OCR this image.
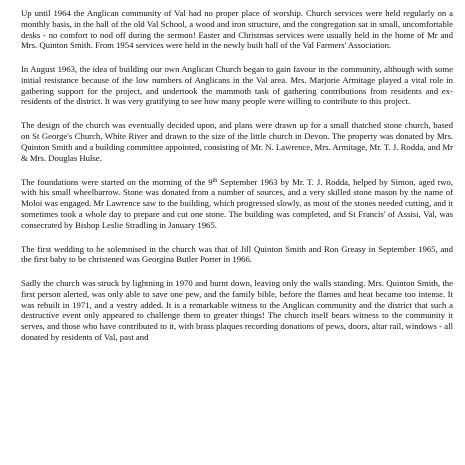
Up until 1964 the Anglican community of Val had no proper place of worship. Church services were held regularly on a monthly basis, in the hall of the old Val School, a wood and iron structure, and the congregation sat in small, uncomfortable desks - no comfort to nod off during the sermon! Easter and Christmas services were usually held in the home of Mr and Mrs. Quinton Smith. From 1954 services were held in the newly built hall of the Val Farmers' Association.

In August 1963, the idea of building our own Anglican Church began to gain favour in the community, although with some initial resistance because of the low numbers of Anglicans in the Val area. Mrs. Marjorie Armitage played a vital role in gathering support for the project, and undertook the mammoth task of gathering contributions from residents and ex-residents of the district. It was very gratifying to see how many people were willing to contribute to this project.

The design of the church was eventually decided upon, and plans were drawn up for a small thatched stone church, based on St George's Church, White River and drawn to the size of the little church in Devon. The property was donated by Mrs. Quinton Smith and a building committee appointed, consisting of Mr. N. Lawrence, Mrs. Armitage, Mr. T. J. Rodda, and Mr & Mrs. Douglas Hulse.

The foundations were started on the morning of the 9th September 1963 by Mr. T. J. Rodda, helped by Simon, aged two, with his small wheelbarrow. Stone was donated from a number of sources, and a very skilled stone mason by the name of Moloi was engaged. Mr Lawrence saw to the building, which progressed slowly, as most of the stones needed cutting, and it sometimes took a whole day to prepare and cut one stone. The building was completed, and St Francis' of Assisi, Val, was consecrated by Bishop Leslie Stradling in January 1965.

The first wedding to be solemnised in the church was that of Jill Quinton Smith and Ron Greasy in September 1965, and the first baby to be christened was Georgina Butler Porter in 1966.

Sadly the church was struck by lightning in 1970 and burnt down, leaving only the walls standing. Mrs. Quinton Smith, the first person alerted, was only able to save one pew, and the family bible, before the flames and heat became too intense. It was rebuilt in 1971, and a vestry added. It is a remarkable witness to the Anglican community and the district that such a destructive event only appeared to challenge them to greater things! The church itself bears witness to the community it serves, and those who have contributed to it, with brass plaques recording donations of pews, doors, altar rail, windows - all donated by residents of Val, past and
